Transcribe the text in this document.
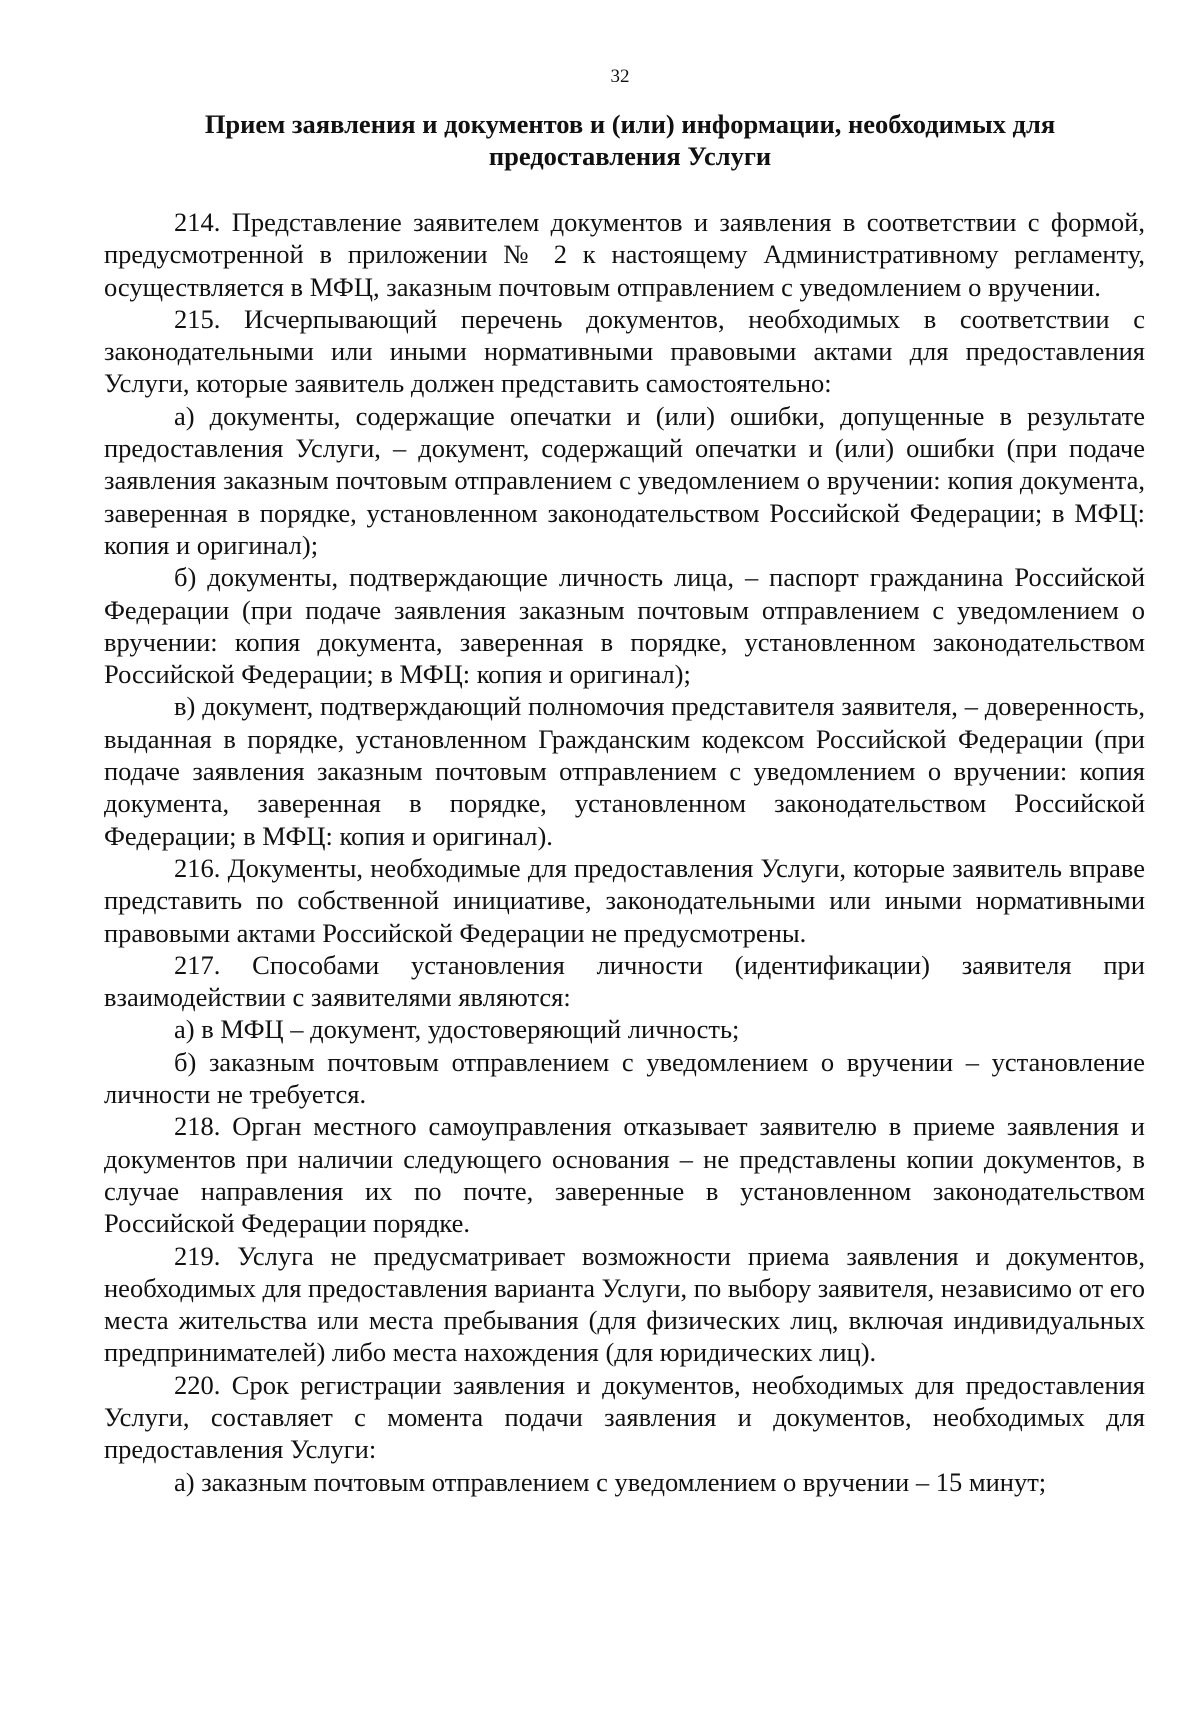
32
Прием заявления и документов и (или) информации, необходимых для
предоставления Услуги

214. Представление заявителем документов и заявления в соответствии с формой, предусмотренной в приложении № 2 к настоящему Административному регламенту, осуществляется в МФЦ, заказным почтовым отправлением с уведомлением о вручении.

215. Исчерпывающий перечень документов, необходимых в соответствии с законодательными или иными нормативными правовыми актами для предоставления Услуги, которые заявитель должен представить самостоятельно:

а) документы, содержащие опечатки и (или) ошибки, допущенные в результате предоставления Услуги, – документ, содержащий опечатки и (или) ошибки (при подаче заявления заказным почтовым отправлением с уведомлением о вручении: копия документа, заверенная в порядке, установленном законодательством Российской Федерации; в МФЦ: копия и оригинал);

б) документы, подтверждающие личность лица, – паспорт гражданина Российской Федерации (при подаче заявления заказным почтовым отправлением с уведомлением о вручении: копия документа, заверенная в порядке, установленном законодательством Российской Федерации; в МФЦ: копия и оригинал);

в) документ, подтверждающий полномочия представителя заявителя, – доверенность, выданная в порядке, установленном Гражданским кодексом Российской Федерации (при подаче заявления заказным почтовым отправлением с уведомлением о вручении: копия документа, заверенная в порядке, установленном законодательством Российской Федерации; в МФЦ: копия и оригинал).

216. Документы, необходимые для предоставления Услуги, которые заявитель вправе представить по собственной инициативе, законодательными или иными нормативными правовыми актами Российской Федерации не предусмотрены.

217. Способами установления личности (идентификации) заявителя при взаимодействии с заявителями являются:

а) в МФЦ – документ, удостоверяющий личность;

б) заказным почтовым отправлением с уведомлением о вручении – установление личности не требуется.

218. Орган местного самоуправления отказывает заявителю в приеме заявления и документов при наличии следующего основания – не представлены копии документов, в случае направления их по почте, заверенные в установленном законодательством Российской Федерации порядке.

219. Услуга не предусматривает возможности приема заявления и документов, необходимых для предоставления варианта Услуги, по выбору заявителя, независимо от его места жительства или места пребывания (для физических лиц, включая индивидуальных предпринимателей) либо места нахождения (для юридических лиц).

220. Срок регистрации заявления и документов, необходимых для предоставления Услуги, составляет с момента подачи заявления и документов, необходимых для предоставления Услуги:

а) заказным почтовым отправлением с уведомлением о вручении – 15 минут;
